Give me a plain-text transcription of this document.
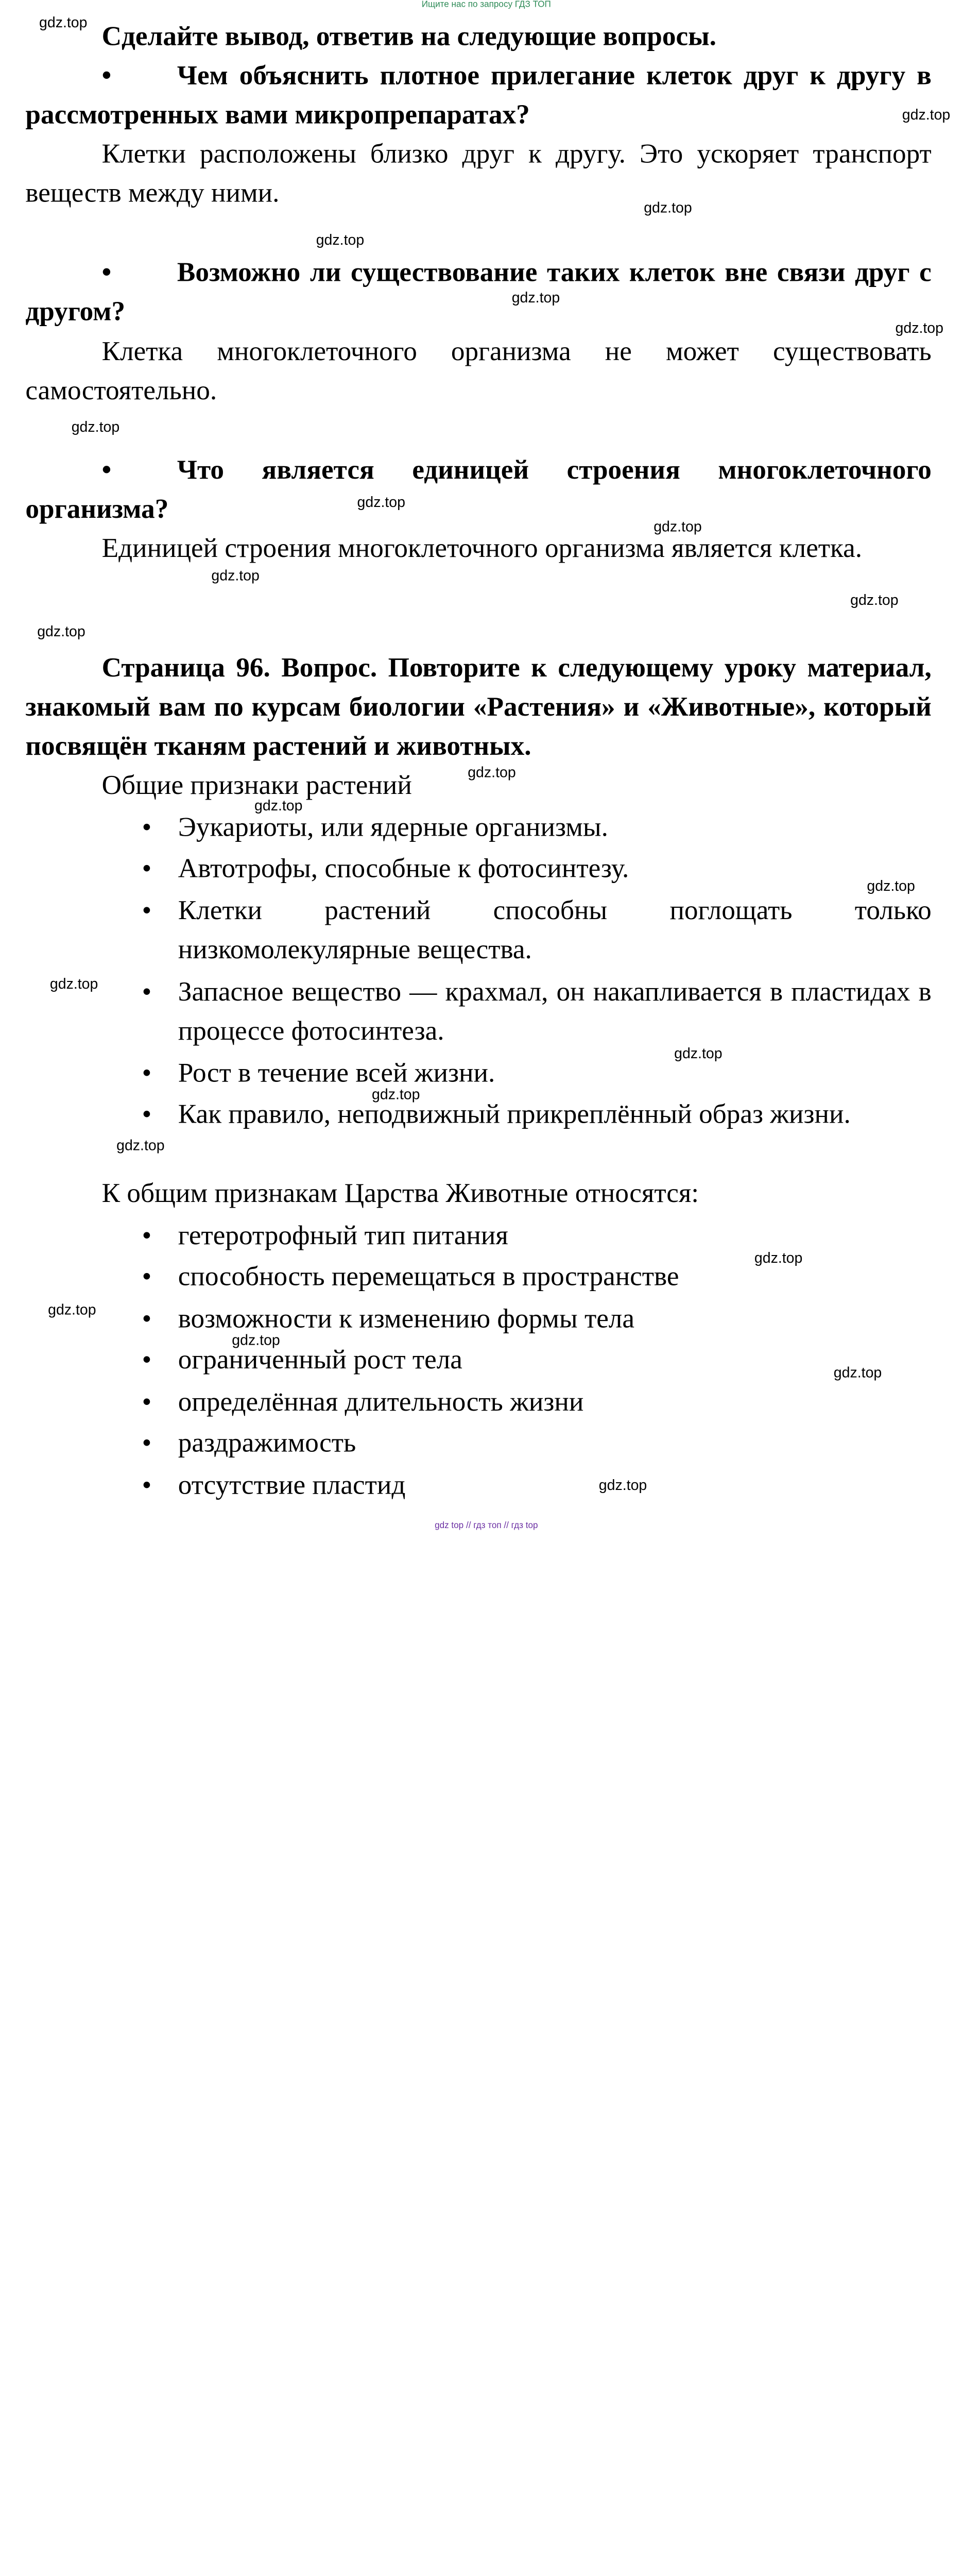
Ищите нас по запросу ГДЗ ТОП
Сделайте вывод, ответив на следующие вопросы.
•	Чем объяснить плотное прилегание клеток друг к другу в рассмотренных вами микропрепаратах?
Клетки расположены близко друг к другу. Это ускоряет транспорт веществ между ними.
•	Возможно ли существование таких клеток вне связи друг с другом?
Клетка многоклеточного организма не может существовать самостоятельно.
•	Что является единицей строения многоклеточного организма?
Единицей строения многоклеточного организма является клетка.
Страница 96. Вопрос. Повторите к следующему уроку материал, знакомый вам по курсам биологии «Растения» и «Животные», который посвящён тканям растений и животных.
Общие признаки растений
•	Эукариоты, или ядерные организмы.
•	Автотрофы, способные к фотосинтезу.
•	Клетки растений способны поглощать только низкомолекулярные вещества.
•	Запасное вещество — крахмал, он накапливается в пластидах в процессе фотосинтеза.
•	Рост в течение всей жизни.
•	Как правило, неподвижный прикреплённый образ жизни.
К общим признакам Царства Животные относятся:
•	гетеротрофный тип питания
•	способность перемещаться в пространстве
•	возможности к изменению формы тела
•	ограниченный рост тела
•	определённая длительность жизни
•	раздражимость
•	отсутствие пластид
gdz.top
gdz.top
gdz.top
gdz.top
gdz.top
gdz.top
gdz.top
gdz.top
gdz.top
gdz.top
gdz.top
gdz.top
gdz.top
gdz.top
gdz.top
gdz.top
gdz.top
gdz.top
gdz.top
gdz.top
gdz.top
gdz.top
gdz.top
gdz.top
gdz top // гдз топ // гдз top
